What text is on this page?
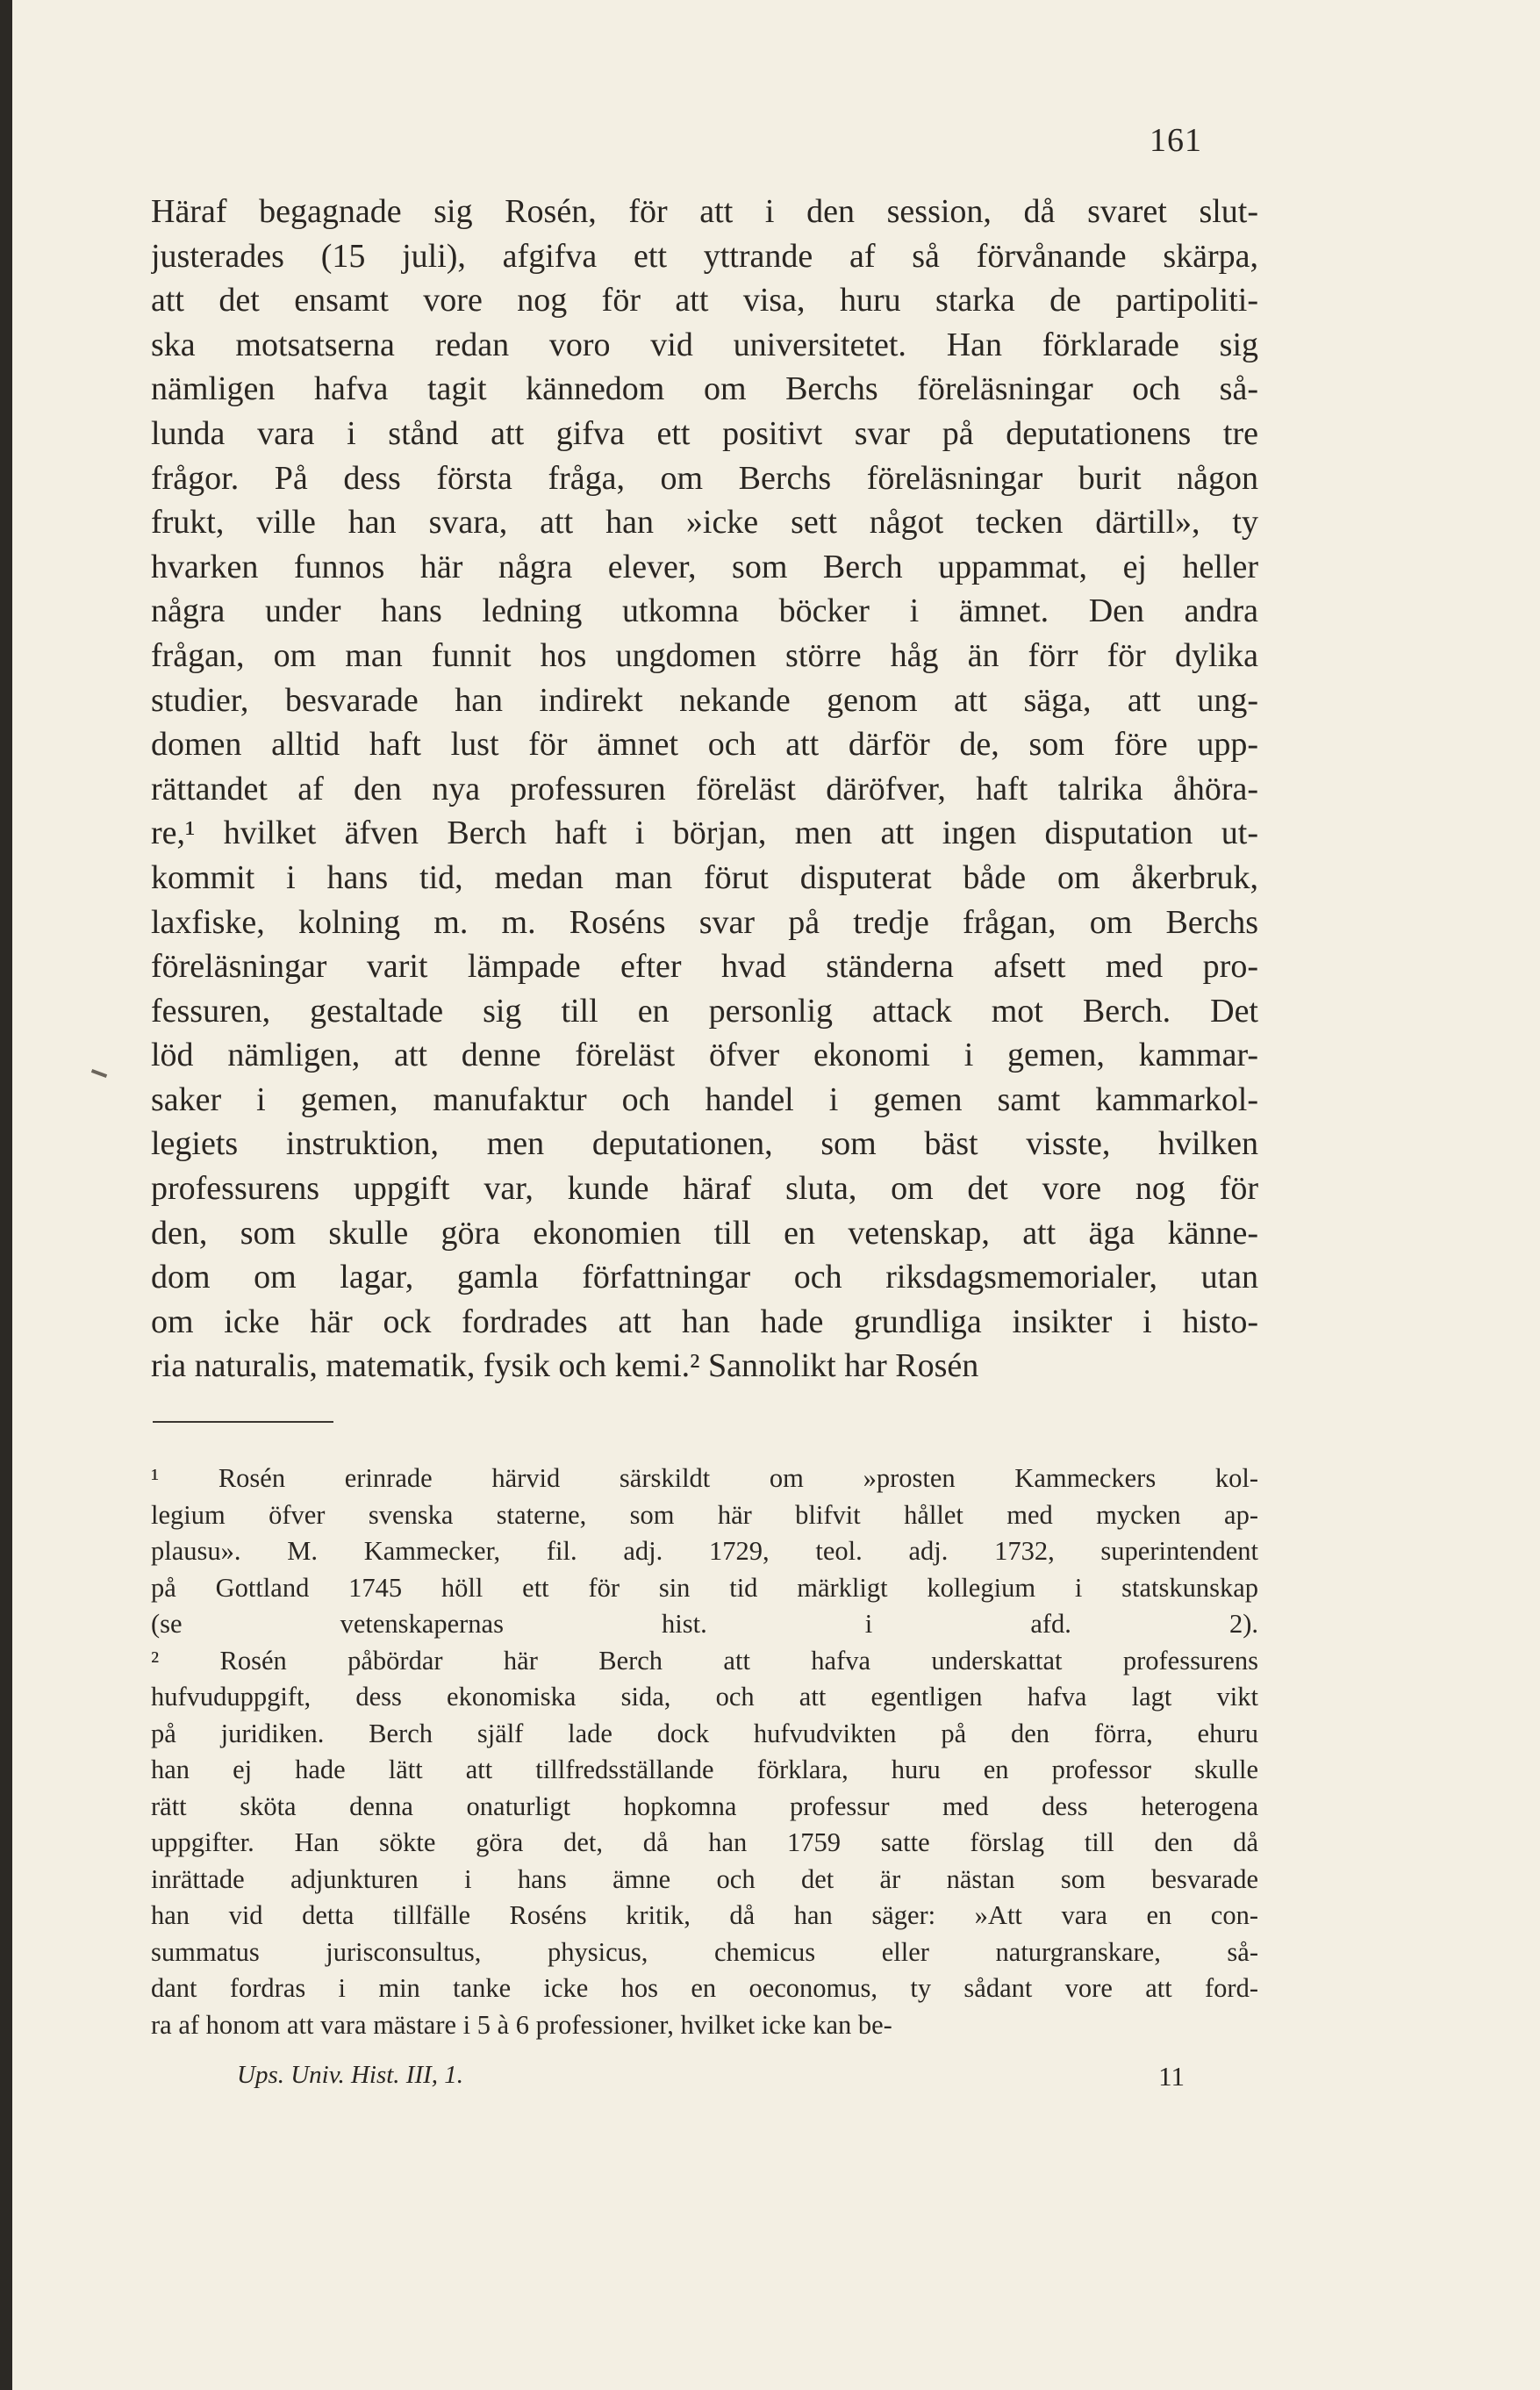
161
Häraf begagnade sig Rosén, för att i den session, då svaret slut-
justerades (15 juli), afgifva ett yttrande af så förvånande skärpa,
att det ensamt vore nog för att visa, huru starka de partipoliti-
ska motsatserna redan voro vid universitetet. Han förklarade sig
nämligen hafva tagit kännedom om Berchs föreläsningar och så-
lunda vara i stånd att gifva ett positivt svar på deputationens tre
frågor. På dess första fråga, om Berchs föreläsningar burit någon
frukt, ville han svara, att han »icke sett något tecken därtill», ty
hvarken funnos här några elever, som Berch uppammat, ej heller
några under hans ledning utkomna böcker i ämnet. Den andra
frågan, om man funnit hos ungdomen större håg än förr för dylika
studier, besvarade han indirekt nekande genom att säga, att ung-
domen alltid haft lust för ämnet och att därför de, som före upp-
rättandet af den nya professuren föreläst däröfver, haft talrika åhöra-
re,¹ hvilket äfven Berch haft i början, men att ingen disputation ut-
kommit i hans tid, medan man förut disputerat både om åkerbruk,
laxfiske, kolning m. m. Roséns svar på tredje frågan, om Berchs
föreläsningar varit lämpade efter hvad ständerna afsett med pro-
fessuren, gestaltade sig till en personlig attack mot Berch. Det
löd nämligen, att denne föreläst öfver ekonomi i gemen, kammar-
saker i gemen, manufaktur och handel i gemen samt kammarkol-
legiets instruktion, men deputationen, som bäst visste, hvilken
professurens uppgift var, kunde häraf sluta, om det vore nog för
den, som skulle göra ekonomien till en vetenskap, att äga känne-
dom om lagar, gamla författningar och riksdagsmemorialer, utan
om icke här ock fordrades att han hade grundliga insikter i histo-
ria naturalis, matematik, fysik och kemi.² Sannolikt har Rosén
¹ Rosén erinrade härvid särskildt om »prosten Kammeckers kol-
legium öfver svenska staterne, som här blifvit hållet med mycken ap-
plausu». M. Kammecker, fil. adj. 1729, teol. adj. 1732, superintendent
på Gottland 1745 höll ett för sin tid märkligt kollegium i statskunskap
(se vetenskapernas hist. i afd. 2).
² Rosén påbördar här Berch att hafva underskattat professurens
hufvuduppgift, dess ekonomiska sida, och att egentligen hafva lagt vikt
på juridiken. Berch själf lade dock hufvudvikten på den förra, ehuru
han ej hade lätt att tillfredsställande förklara, huru en professor skulle
rätt sköta denna onaturligt hopkomna professur med dess heterogena
uppgifter. Han sökte göra det, då han 1759 satte förslag till den då
inrättade adjunkturen i hans ämne och det är nästan som besvarade
han vid detta tillfälle Roséns kritik, då han säger: »Att vara en con-
summatus jurisconsultus, physicus, chemicus eller naturgranskare, så-
dant fordras i min tanke icke hos en oeconomus, ty sådant vore att ford-
ra af honom att vara mästare i 5 à 6 professioner, hvilket icke kan be-
Ups. Univ. Hist. III, 1.	11
